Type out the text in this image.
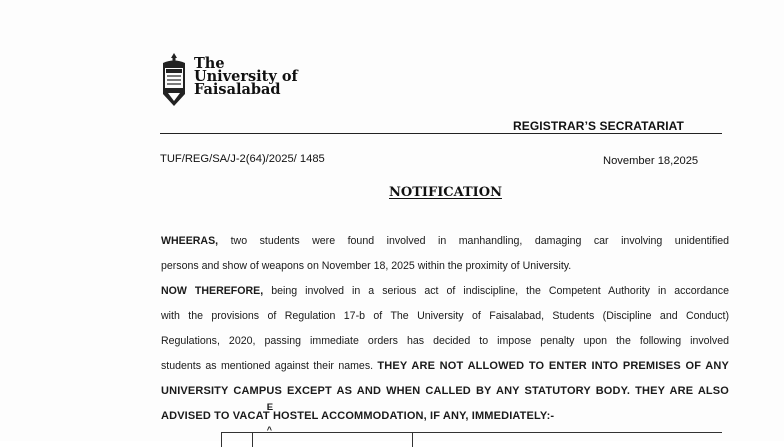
The
University of
Faisalabad
REGISTRAR’S SECRATARIAT
TUF/REG/SA/J-2(64)/2025/ 1485	November 18,2025
NOTIFICATION
WHEERAS, two students were found involved in manhandling, damaging car involving unidentified
persons and show of weapons on November 18, 2025 within the proximity of University.
NOW THEREFORE, being involved in a serious act of indiscipline, the Competent Authority in accordance
with the provisions of Regulation 17-b of The University of Faisalabad, Students (Discipline and Conduct)
Regulations, 2020, passing immediate orders has decided to impose penalty upon the following involved
students as mentioned against their names. THEY ARE NOT ALLOWED TO ENTER INTO PREMISES OF ANY
UNIVERSITY CAMPUS EXCEPT AS AND WHEN CALLED BY ANY STATUTORY BODY. THEY ARE ALSO
ADVISED TO VACAT
E
^
HOSTEL ACCOMMODATION, IF ANY, IMMEDIATELY:-
